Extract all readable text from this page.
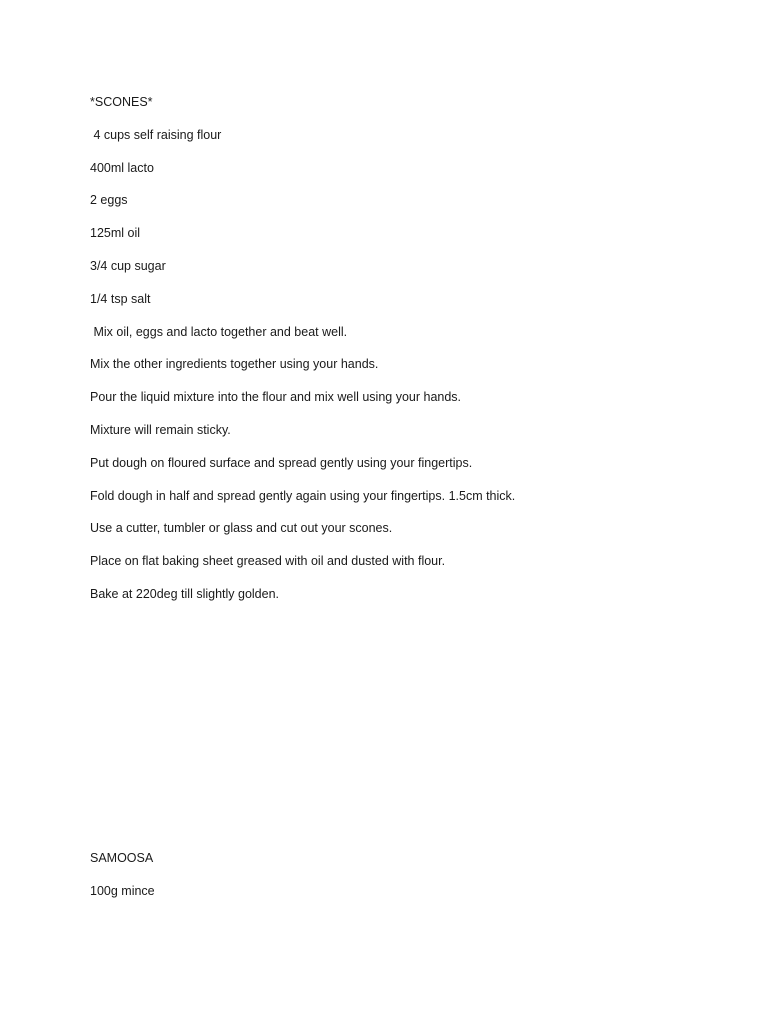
*SCONES*

4 cups self raising flour

400ml lacto

2 eggs

125ml oil

3/4 cup sugar

1/4 tsp salt

Mix oil, eggs and lacto together and beat well.

Mix the other ingredients together using your hands.

Pour the liquid mixture into the flour and mix well using your hands.

Mixture will remain sticky.

Put dough on floured surface and spread gently using your fingertips.

Fold dough in half and spread gently again using your fingertips. 1.5cm thick.

Use a cutter, tumbler or glass and cut out your scones.

Place on flat baking sheet greased with oil and dusted with flour.

Bake at 220deg till slightly golden.

SAMOOSA

100g mince
